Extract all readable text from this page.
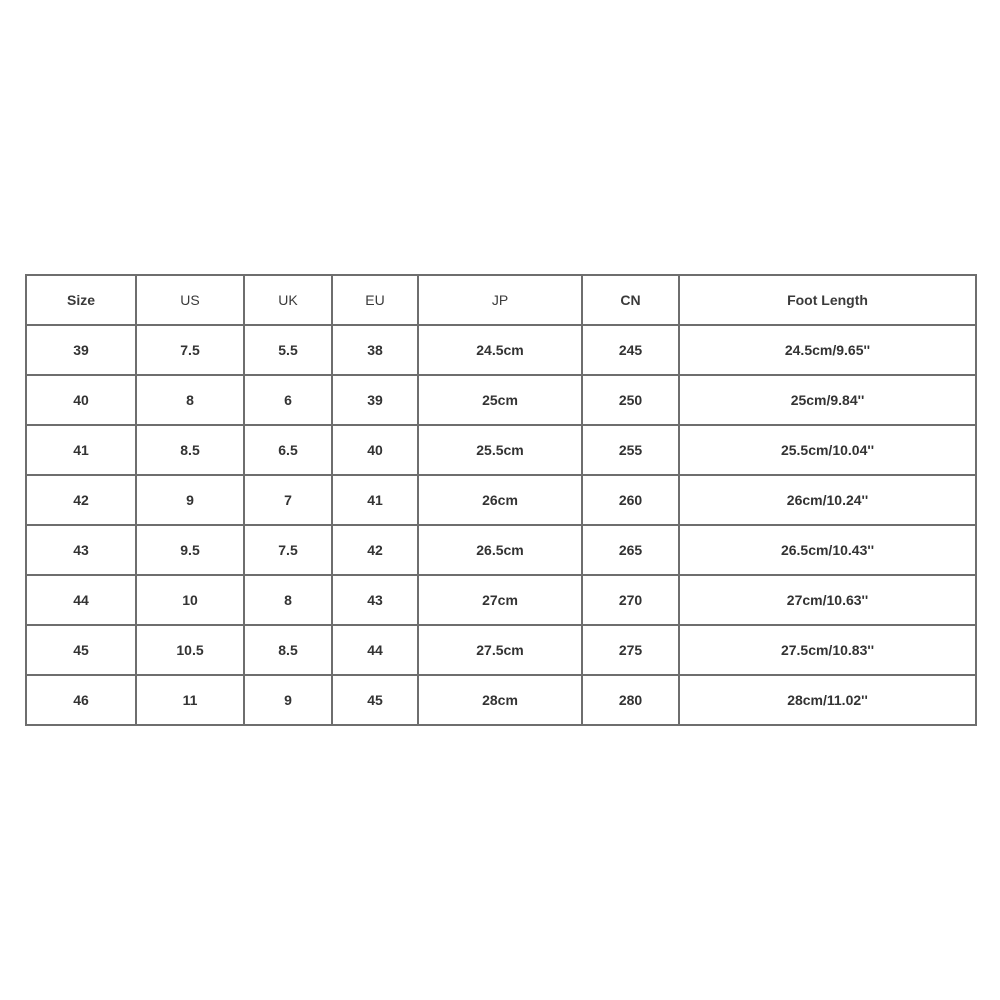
Size	US	UK	EU	JP	CN	Foot Length
39	7.5	5.5	38	24.5cm	245	24.5cm/9.65''
40	8	6	39	25cm	250	25cm/9.84''
41	8.5	6.5	40	25.5cm	255	25.5cm/10.04''
42	9	7	41	26cm	260	26cm/10.24''
43	9.5	7.5	42	26.5cm	265	26.5cm/10.43''
44	10	8	43	27cm	270	27cm/10.63''
45	10.5	8.5	44	27.5cm	275	27.5cm/10.83''
46	11	9	45	28cm	280	28cm/11.02''
